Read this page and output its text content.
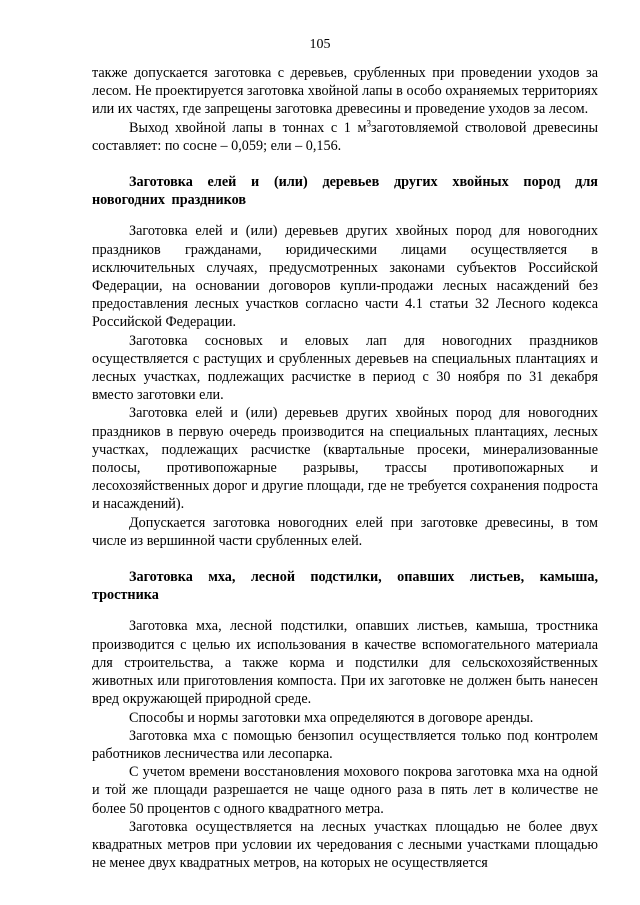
105

также допускается заготовка с деревьев, срубленных при проведении уходов за лесом. Не проектируется заготовка хвойной лапы в особо охраняемых территориях или их частях, где запрещены заготовка древесины и проведение уходов за лесом.

Выход хвойной лапы в тоннах с 1 $м^3заготовляемой$ стволовой древесины составляет: по сосне – 0,059; ели – 0,156.

Заготовка елей и (или) деревьев других хвойных пород для новогодних праздников

Заготовка елей и (или) деревьев других хвойных пород для новогодних праздников гражданами, юридическими лицами осуществляется в исключительных случаях, предусмотренных законами субъектов Российской Федерации, на основании договоров купли-продажи лесных насаждений без предоставления лесных участков согласно части 4.1 статьи 32 Лесного кодекса Российской Федерации.

Заготовка сосновых и еловых лап для новогодних праздников осуществляется с растущих и срубленных деревьев на специальных плантациях и лесных участках, подлежащих расчистке в период с 30 ноября по 31 декабря вместо заготовки ели.

Заготовка елей и (или) деревьев других хвойных пород для новогодних праздников в первую очередь производится на специальных плантациях, лесных участках, подлежащих расчистке (квартальные просеки, минерализованные полосы, противопожарные разрывы, трассы противопожарных и лесохозяйственных дорог и другие площади, где не требуется сохранения подроста и насаждений).

Допускается заготовка новогодних елей при заготовке древесины, в том числе из вершинной части срубленных елей.

Заготовка мха, лесной подстилки, опавших листьев, камыша, тростника

Заготовка мха, лесной подстилки, опавших листьев, камыша, тростника производится с целью их использования в качестве вспомогательного материала для строительства, а также корма и подстилки для сельскохозяйственных животных или приготовления компоста. При их заготовке не должен быть нанесен вред окружающей природной среде.

Способы и нормы заготовки мха определяются в договоре аренды.

Заготовка мха с помощью бензопил осуществляется только под контролем работников лесничества или лесопарка.

С учетом времени восстановления мохового покрова заготовка мха на одной и той же площади разрешается не чаще одного раза в пять лет в количестве не более 50 процентов с одного квадратного метра.

Заготовка осуществляется на лесных участках площадью не более двух квадратных метров при условии их чередования с лесными участками площадью не менее двух квадратных метров, на которых не осуществляется
